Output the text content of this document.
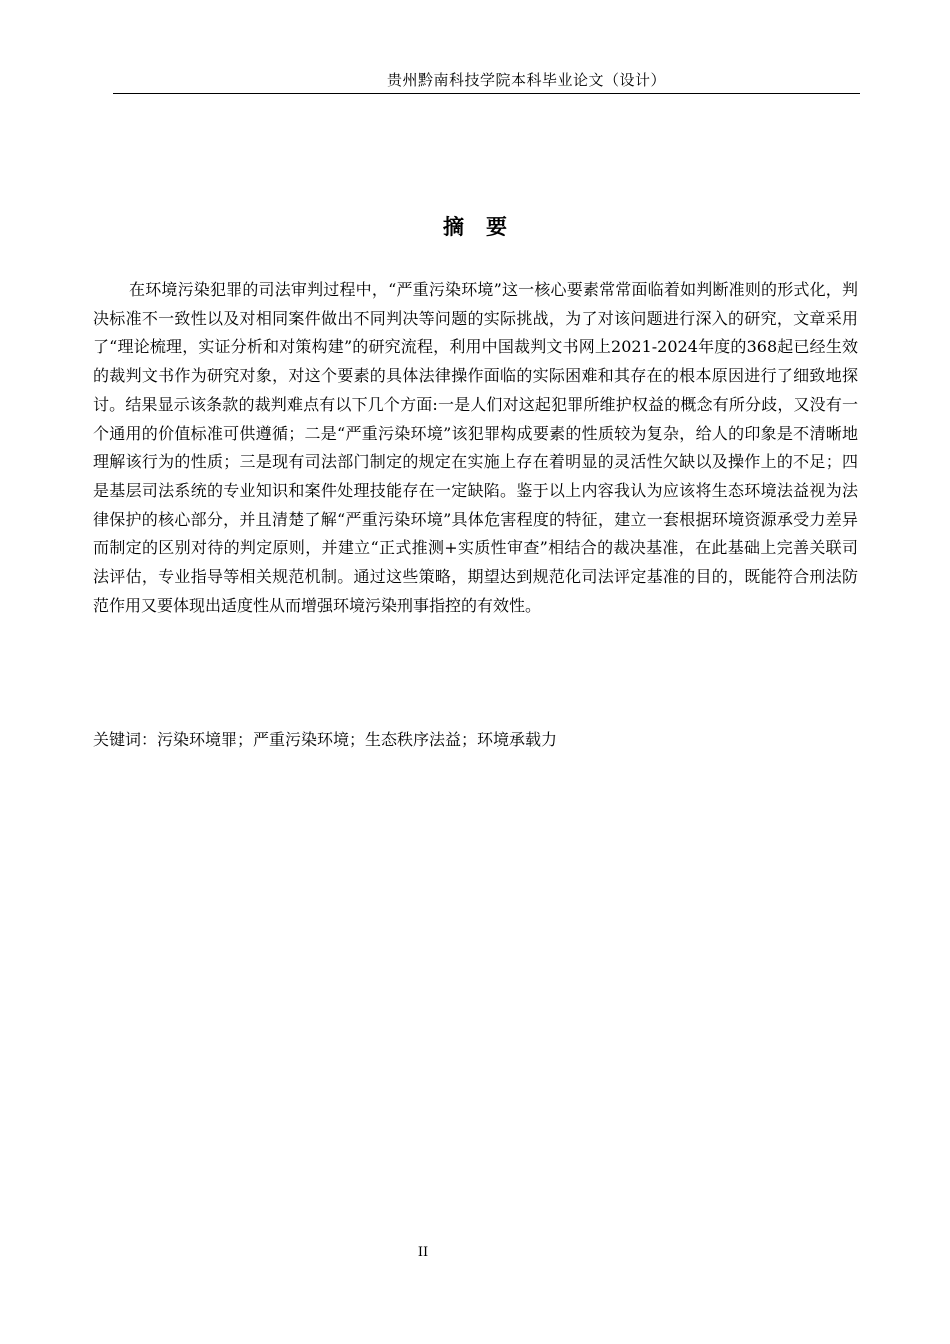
贵州黔南科技学院本科毕业论文（设计）
摘要

在环境污染犯罪的司法审判过程中，“严重污染环境”这一核心要素常常面临着如判断准则的形式化，判决标准不一致性以及对相同案件做出不同判决等问题的实际挑战，为了对该问题进行深入的研究，文章采用了“理论梳理，实证分析和对策构建”的研究流程，利用中国裁判文书网上2021-2024年度的368起已经生效的裁判文书作为研究对象，对这个要素的具体法律操作面临的实际困难和其存在的根本原因进行了细致地探讨。结果显示该条款的裁判难点有以下几个方面:一是人们对这起犯罪所维护权益的概念有所分歧，又没有一个通用的价值标准可供遵循；二是“严重污染环境”该犯罪构成要素的性质较为复杂，给人的印象是不清晰地理解该行为的性质；三是现有司法部门制定的规定在实施上存在着明显的灵活性欠缺以及操作上的不足；四是基层司法系统的专业知识和案件处理技能存在一定缺陷。鉴于以上内容我认为应该将生态环境法益视为法律保护的核心部分，并且清楚了解“严重污染环境”具体危害程度的特征，建立一套根据环境资源承受力差异而制定的区别对待的判定原则，并建立“正式推测+实质性审查”相结合的裁决基准，在此基础上完善关联司法评估，专业指导等相关规范机制。通过这些策略，期望达到规范化司法评定基准的目的，既能符合刑法防范作用又要体现出适度性从而增强环境污染刑事指控的有效性。

关键词：污染环境罪；严重污染环境；生态秩序法益；环境承载力

II
